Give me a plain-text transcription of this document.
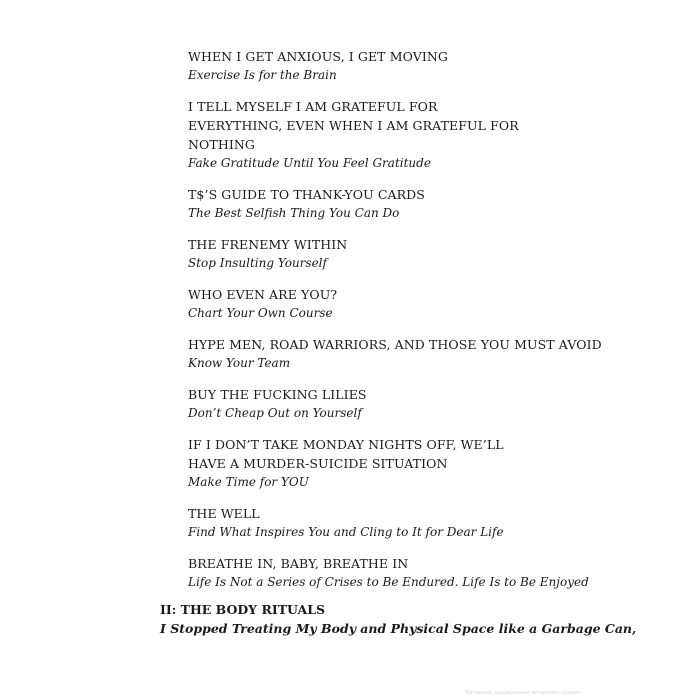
WHEN I GET ANXIOUS, I GET MOVING
Exercise Is for the Brain
I TELL MYSELF I AM GRATEFUL FOR EVERYTHING, EVEN WHEN I AM GRATEFUL FOR NOTHING
Fake Gratitude Until You Feel Gratitude
T$’S GUIDE TO THANK-YOU CARDS
The Best Selfish Thing You Can Do
THE FRENEMY WITHIN
Stop Insulting Yourself
WHO EVEN ARE YOU?
Chart Your Own Course
HYPE MEN, ROAD WARRIORS, AND THOSE YOU MUST AVOID
Know Your Team
BUY THE FUCKING LILIES
Don’t Cheap Out on Yourself
IF I DON’T TAKE MONDAY NIGHTS OFF, WE’LL HAVE A MURDER-SUICIDE SITUATION
Make Time for YOU
THE WELL
Find What Inspires You and Cling to It for Dear Life
BREATHE IN, BABY, BREATHE IN
Life Is Not a Series of Crises to Be Endured. Life Is to Be Enjoyed
II: THE BODY RITUALS
I Stopped Treating My Body and Physical Space like a Garbage Can,
Материал, защищенный авторским правом
